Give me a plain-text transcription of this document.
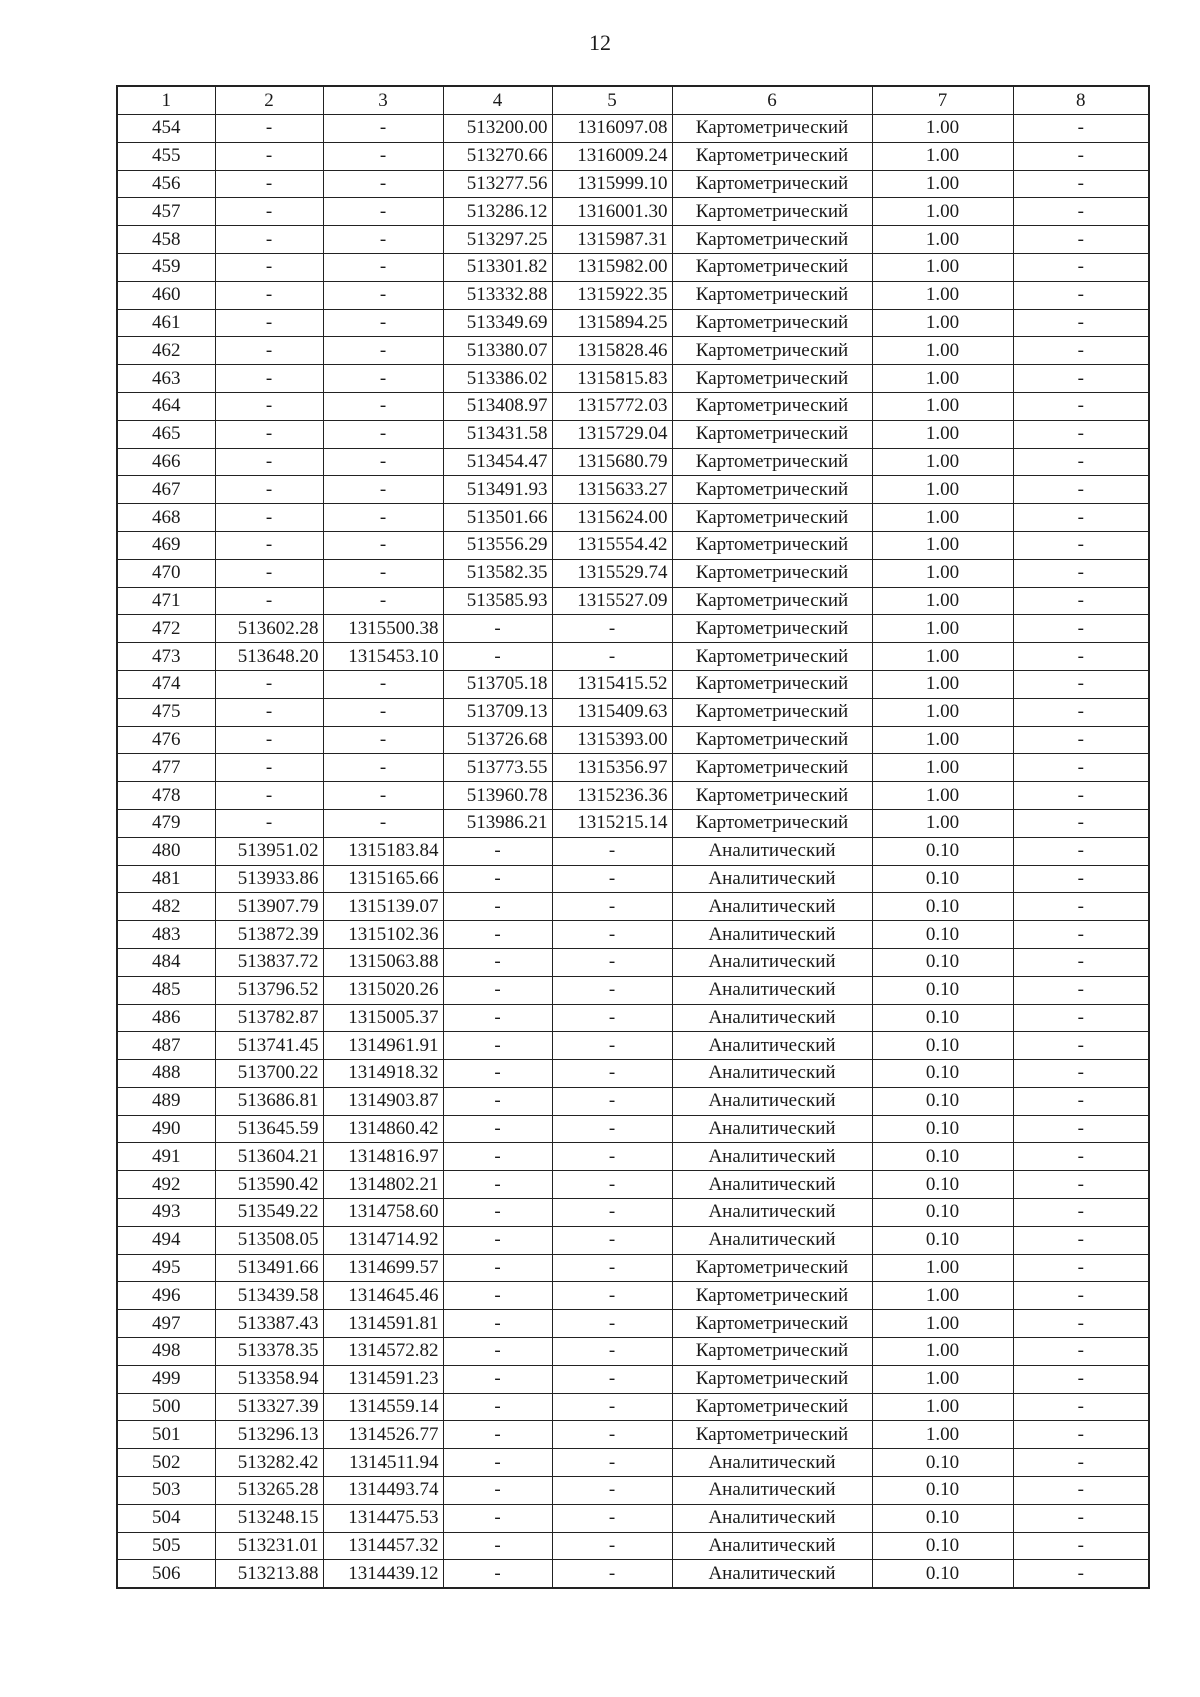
12
1	2	3	4	5	6	7	8
454	-	-	513200.00	1316097.08	Картометрический	1.00	-
455	-	-	513270.66	1316009.24	Картометрический	1.00	-
456	-	-	513277.56	1315999.10	Картометрический	1.00	-
457	-	-	513286.12	1316001.30	Картометрический	1.00	-
458	-	-	513297.25	1315987.31	Картометрический	1.00	-
459	-	-	513301.82	1315982.00	Картометрический	1.00	-
460	-	-	513332.88	1315922.35	Картометрический	1.00	-
461	-	-	513349.69	1315894.25	Картометрический	1.00	-
462	-	-	513380.07	1315828.46	Картометрический	1.00	-
463	-	-	513386.02	1315815.83	Картометрический	1.00	-
464	-	-	513408.97	1315772.03	Картометрический	1.00	-
465	-	-	513431.58	1315729.04	Картометрический	1.00	-
466	-	-	513454.47	1315680.79	Картометрический	1.00	-
467	-	-	513491.93	1315633.27	Картометрический	1.00	-
468	-	-	513501.66	1315624.00	Картометрический	1.00	-
469	-	-	513556.29	1315554.42	Картометрический	1.00	-
470	-	-	513582.35	1315529.74	Картометрический	1.00	-
471	-	-	513585.93	1315527.09	Картометрический	1.00	-
472	513602.28	1315500.38	-	-	Картометрический	1.00	-
473	513648.20	1315453.10	-	-	Картометрический	1.00	-
474	-	-	513705.18	1315415.52	Картометрический	1.00	-
475	-	-	513709.13	1315409.63	Картометрический	1.00	-
476	-	-	513726.68	1315393.00	Картометрический	1.00	-
477	-	-	513773.55	1315356.97	Картометрический	1.00	-
478	-	-	513960.78	1315236.36	Картометрический	1.00	-
479	-	-	513986.21	1315215.14	Картометрический	1.00	-
480	513951.02	1315183.84	-	-	Аналитический	0.10	-
481	513933.86	1315165.66	-	-	Аналитический	0.10	-
482	513907.79	1315139.07	-	-	Аналитический	0.10	-
483	513872.39	1315102.36	-	-	Аналитический	0.10	-
484	513837.72	1315063.88	-	-	Аналитический	0.10	-
485	513796.52	1315020.26	-	-	Аналитический	0.10	-
486	513782.87	1315005.37	-	-	Аналитический	0.10	-
487	513741.45	1314961.91	-	-	Аналитический	0.10	-
488	513700.22	1314918.32	-	-	Аналитический	0.10	-
489	513686.81	1314903.87	-	-	Аналитический	0.10	-
490	513645.59	1314860.42	-	-	Аналитический	0.10	-
491	513604.21	1314816.97	-	-	Аналитический	0.10	-
492	513590.42	1314802.21	-	-	Аналитический	0.10	-
493	513549.22	1314758.60	-	-	Аналитический	0.10	-
494	513508.05	1314714.92	-	-	Аналитический	0.10	-
495	513491.66	1314699.57	-	-	Картометрический	1.00	-
496	513439.58	1314645.46	-	-	Картометрический	1.00	-
497	513387.43	1314591.81	-	-	Картометрический	1.00	-
498	513378.35	1314572.82	-	-	Картометрический	1.00	-
499	513358.94	1314591.23	-	-	Картометрический	1.00	-
500	513327.39	1314559.14	-	-	Картометрический	1.00	-
501	513296.13	1314526.77	-	-	Картометрический	1.00	-
502	513282.42	1314511.94	-	-	Аналитический	0.10	-
503	513265.28	1314493.74	-	-	Аналитический	0.10	-
504	513248.15	1314475.53	-	-	Аналитический	0.10	-
505	513231.01	1314457.32	-	-	Аналитический	0.10	-
506	513213.88	1314439.12	-	-	Аналитический	0.10	-
